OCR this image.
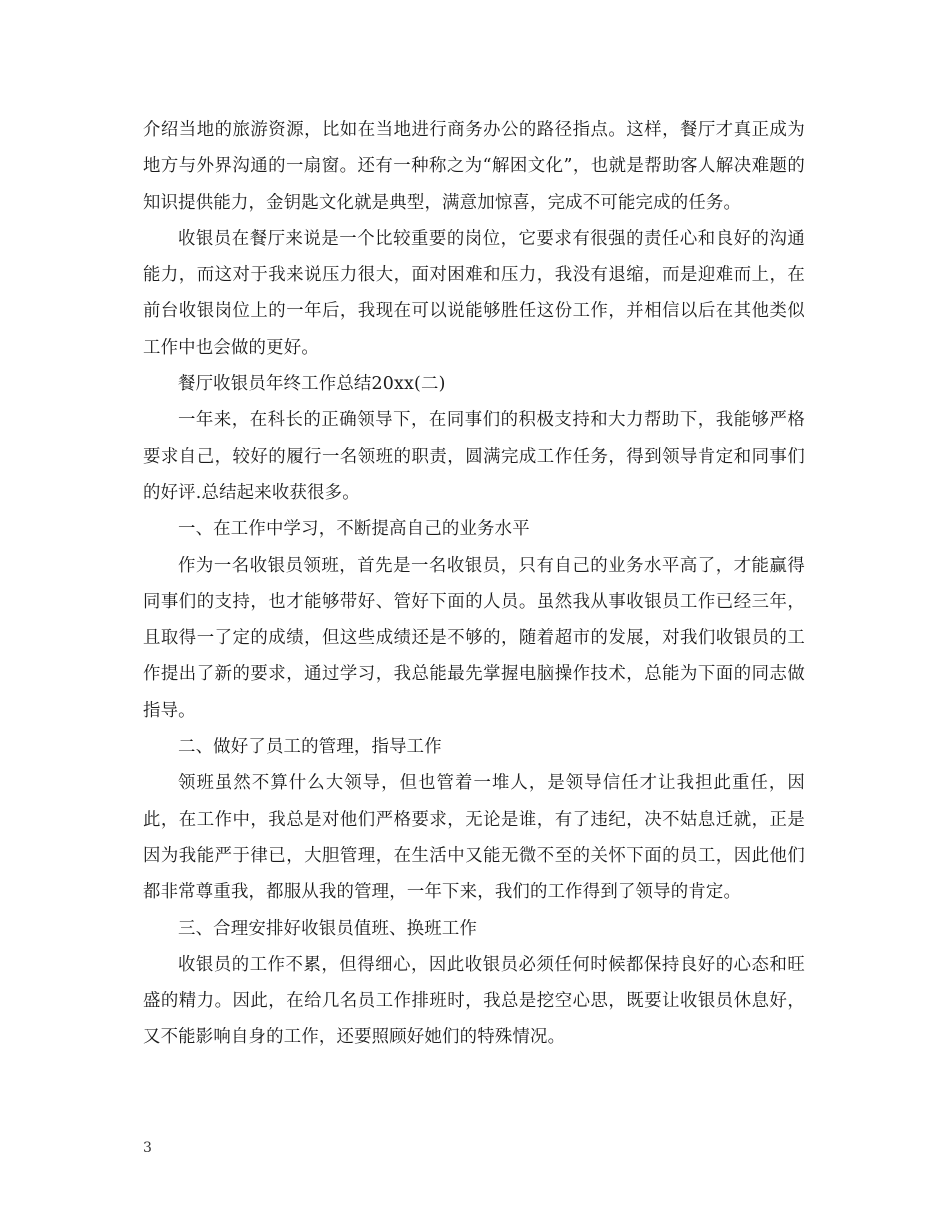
介绍当地的旅游资源，比如在当地进行商务办公的路径指点。这样，餐厅才真正成为地方与外界沟通的一扇窗。还有一种称之为“解困文化”，也就是帮助客人解决难题的知识提供能力，金钥匙文化就是典型，满意加惊喜，完成不可能完成的任务。

收银员在餐厅来说是一个比较重要的岗位，它要求有很强的责任心和良好的沟通能力，而这对于我来说压力很大，面对困难和压力，我没有退缩，而是迎难而上，在前台收银岗位上的一年后，我现在可以说能够胜任这份工作，并相信以后在其他类似工作中也会做的更好。

餐厅收银员年终工作总结20xx(二)

一年来，在科长的正确领导下，在同事们的积极支持和大力帮助下，我能够严格要求自己，较好的履行一名领班的职责，圆满完成工作任务，得到领导肯定和同事们的好评.总结起来收获很多。

一、在工作中学习，不断提高自己的业务水平

作为一名收银员领班，首先是一名收银员，只有自己的业务水平高了，才能赢得同事们的支持，也才能够带好、管好下面的人员。虽然我从事收银员工作已经三年，且取得一了定的成绩，但这些成绩还是不够的，随着超市的发展，对我们收银员的工作提出了新的要求，通过学习，我总能最先掌握电脑操作技术，总能为下面的同志做指导。

二、做好了员工的管理，指导工作

领班虽然不算什么大领导，但也管着一堆人，是领导信任才让我担此重任，因此，在工作中，我总是对他们严格要求，无论是谁，有了违纪，决不姑息迁就，正是因为我能严于律已，大胆管理，在生活中又能无微不至的关怀下面的员工，因此他们都非常尊重我，都服从我的管理，一年下来，我们的工作得到了领导的肯定。

三、合理安排好收银员值班、换班工作

收银员的工作不累，但得细心，因此收银员必须任何时候都保持良好的心态和旺盛的精力。因此，在给几名员工作排班时，我总是挖空心思，既要让收银员休息好，又不能影响自身的工作，还要照顾好她们的特殊情况。

3
